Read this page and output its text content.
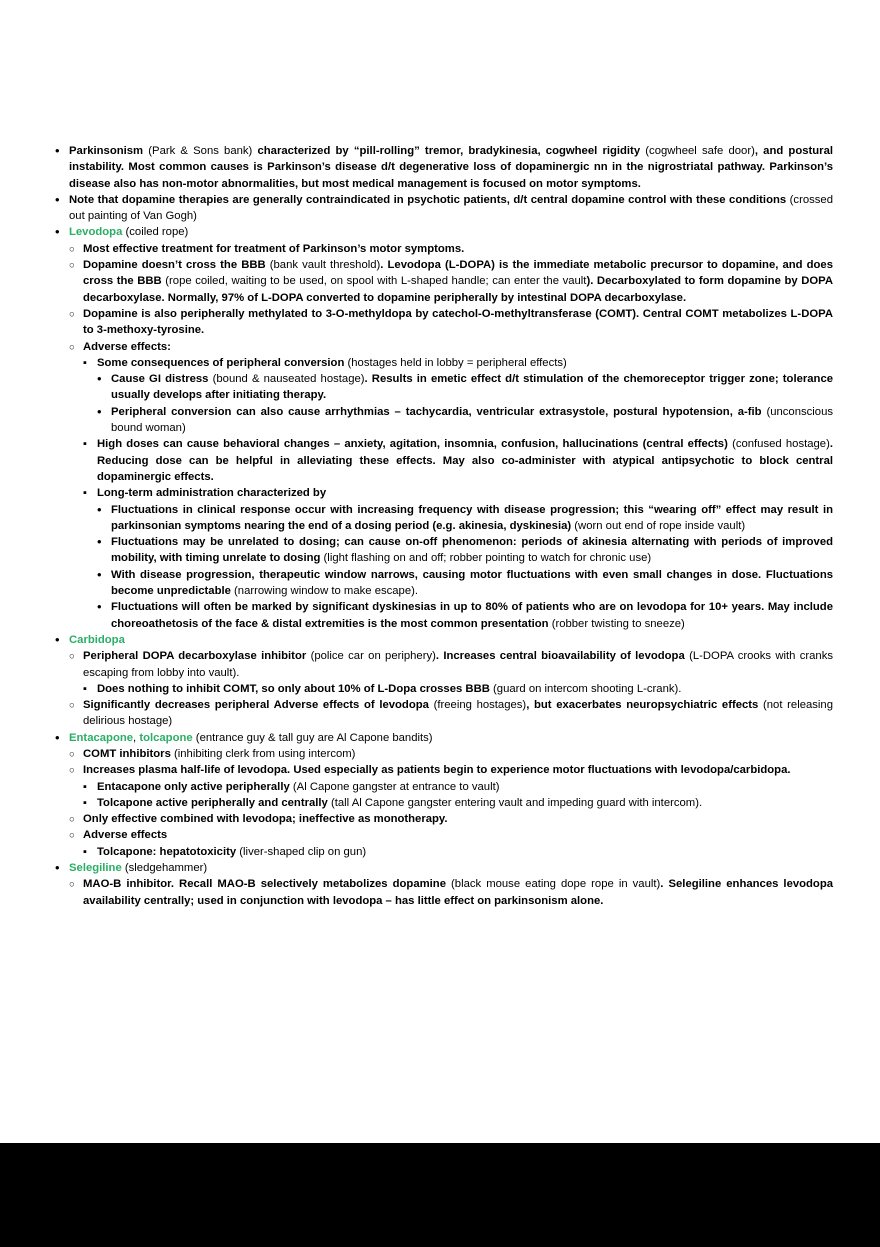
•
Parkinsonism (Park & Sons bank) characterized by “pill-rolling” tremor, bradykinesia, cogwheel rigidity (cogwheel safe door), and postural instability. Most common causes is Parkinson’s disease d/t degenerative loss of dopaminergic nn in the nigrostriatal pathway. Parkinson’s disease also has non-motor abnormalities, but most medical management is focused on motor symptoms.
•
Note that dopamine therapies are generally contraindicated in psychotic patients, d/t central dopamine control with these conditions (crossed out painting of Van Gogh)
•
Levodopa (coiled rope)
○
Most effective treatment for treatment of Parkinson’s motor symptoms.
○
Dopamine doesn’t cross the BBB (bank vault threshold). Levodopa (L-DOPA) is the immediate metabolic precursor to dopamine, and does cross the BBB (rope coiled, waiting to be used, on spool with L-shaped handle; can enter the vault). Decarboxylated to form dopamine by DOPA decarboxylase. Normally, 97% of L-DOPA converted to dopamine peripherally by intestinal DOPA decarboxylase.
○
Dopamine is also peripherally methylated to 3-O-methyldopa by catechol-O-methyltransferase (COMT). Central COMT metabolizes L-DOPA to 3-methoxy-tyrosine.
○
Adverse effects:
▪
Some consequences of peripheral conversion (hostages held in lobby = peripheral effects)
•
Cause GI distress (bound & nauseated hostage). Results in emetic effect d/t stimulation of the chemoreceptor trigger zone; tolerance usually develops after initiating therapy.
•
Peripheral conversion can also cause arrhythmias – tachycardia, ventricular extrasystole, postural hypotension, a-fib (unconscious bound woman)
▪
High doses can cause behavioral changes – anxiety, agitation, insomnia, confusion, hallucinations (central effects) (confused hostage). Reducing dose can be helpful in alleviating these effects. May also co-administer with atypical antipsychotic to block central dopaminergic effects.
▪
Long-term administration characterized by
•
Fluctuations in clinical response occur with increasing frequency with disease progression; this “wearing off” effect may result in parkinsonian symptoms nearing the end of a dosing period (e.g. akinesia, dyskinesia) (worn out end of rope inside vault)
•
Fluctuations may be unrelated to dosing; can cause on-off phenomenon: periods of akinesia alternating with periods of improved mobility, with timing unrelate to dosing (light flashing on and off; robber pointing to watch for chronic use)
•
With disease progression, therapeutic window narrows, causing motor fluctuations with even small changes in dose. Fluctuations become unpredictable (narrowing window to make escape).
•
Fluctuations will often be marked by significant dyskinesias in up to 80% of patients who are on levodopa for 10+ years. May include choreoathetosis of the face & distal extremities is the most common presentation (robber twisting to sneeze)
•
Carbidopa
○
Peripheral DOPA decarboxylase inhibitor (police car on periphery). Increases central bioavailability of levodopa (L-DOPA crooks with cranks escaping from lobby into vault).
▪
Does nothing to inhibit COMT, so only about 10% of L-Dopa crosses BBB (guard on intercom shooting L-crank).
○
Significantly decreases peripheral Adverse effects of levodopa (freeing hostages), but exacerbates neuropsychiatric effects (not releasing delirious hostage)
•
Entacapone, tolcapone (entrance guy & tall guy are Al Capone bandits)
○
COMT inhibitors (inhibiting clerk from using intercom)
○
Increases plasma half-life of levodopa. Used especially as patients begin to experience motor fluctuations with levodopa/carbidopa.
▪
Entacapone only active peripherally (Al Capone gangster at entrance to vault)
▪
Tolcapone active peripherally and centrally (tall Al Capone gangster entering vault and impeding guard with intercom).
○
Only effective combined with levodopa; ineffective as monotherapy.
○
Adverse effects
▪
Tolcapone: hepatotoxicity (liver-shaped clip on gun)
•
Selegiline (sledgehammer)
○
MAO-B inhibitor. Recall MAO-B selectively metabolizes dopamine (black mouse eating dope rope in vault). Selegiline enhances levodopa availability centrally; used in conjunction with levodopa – has little effect on parkinsonism alone.
